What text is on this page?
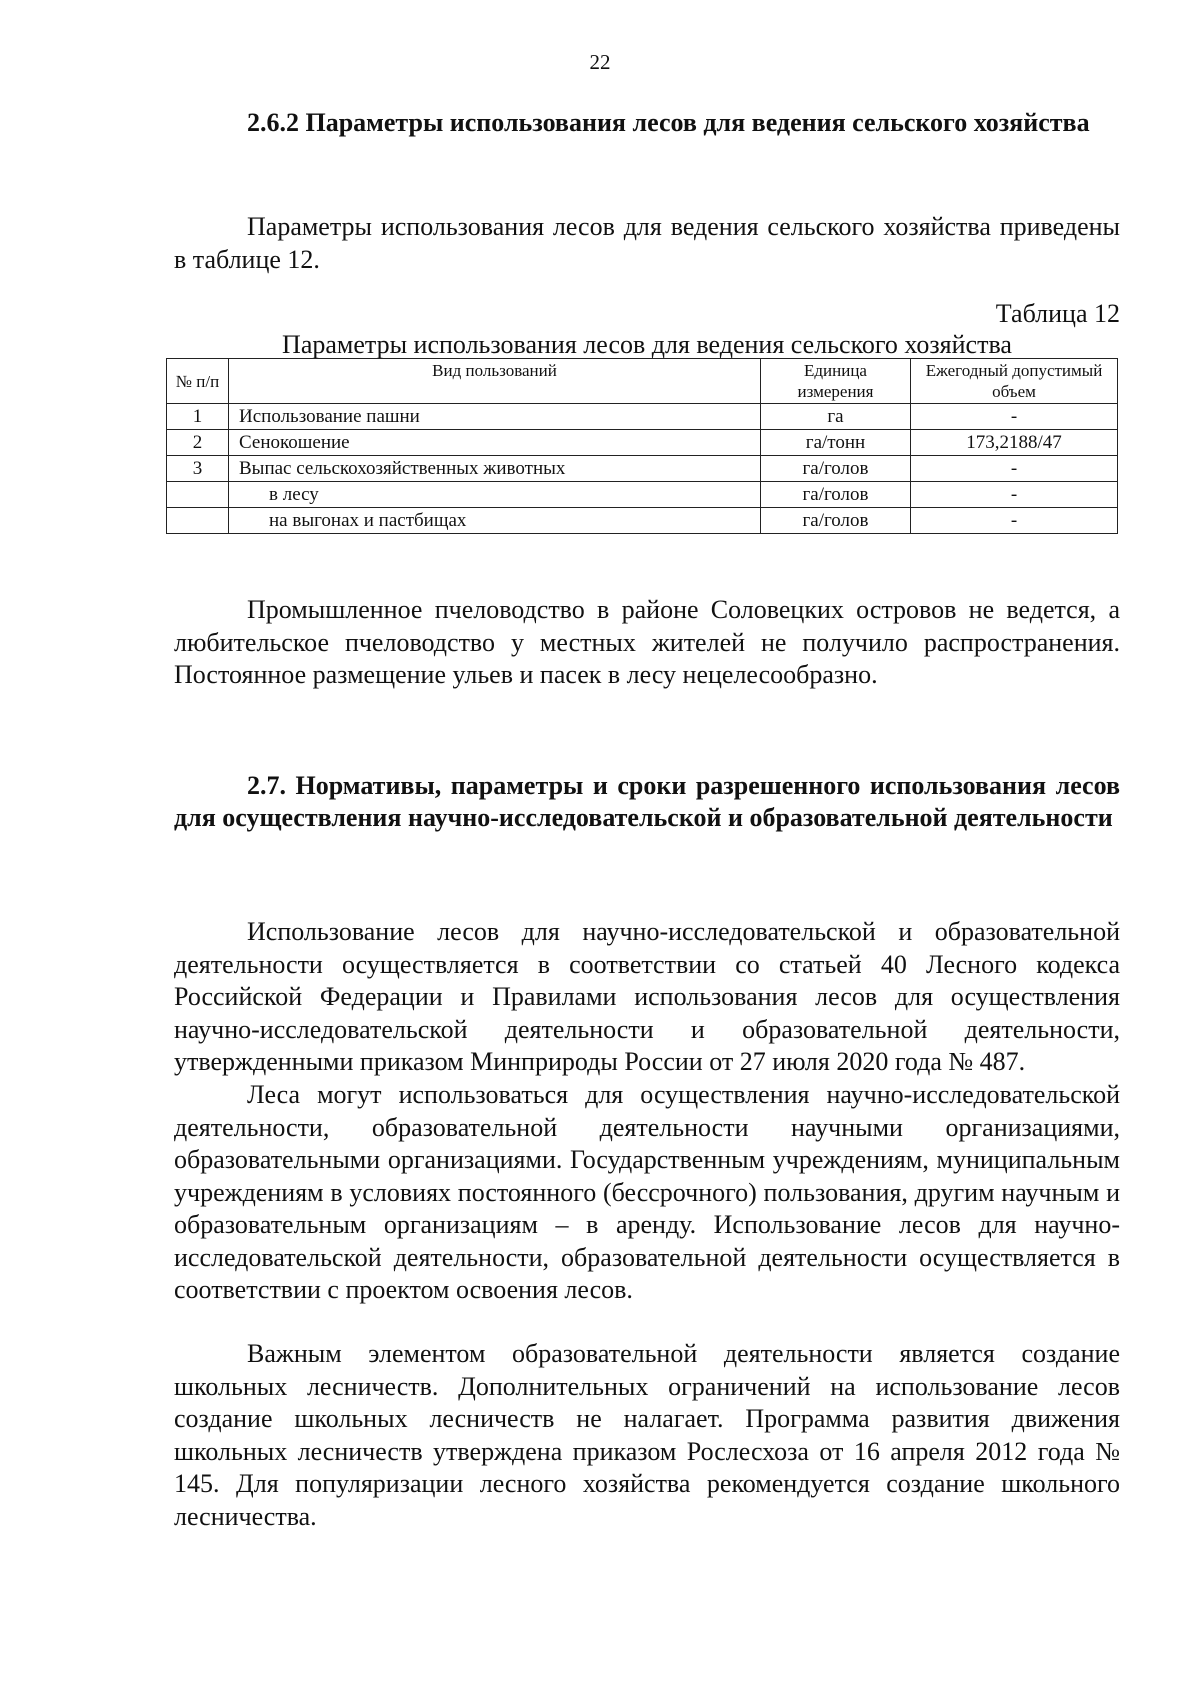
22

2.6.2 Параметры использования лесов для ведения сельского хозяйства

Параметры использования лесов для ведения сельского хозяйства приведены в таблице 12.

Таблица 12

Параметры использования лесов для ведения сельского хозяйства

№ п/п	Вид пользований	Единица измерения	Ежегодный допустимый объем
1	Использование пашни	га	-
2	Сенокошение	га/тонн	173,2188/47
3	Выпас сельскохозяйственных животных	га/голов	-
	в лесу	га/голов	-
	на выгонах и пастбищах	га/голов	-

Промышленное пчеловодство в районе Соловецких островов не ведется, а любительское пчеловодство у местных жителей не получило распространения. Постоянное размещение ульев и пасек в лесу нецелесообразно.

2.7. Нормативы, параметры и сроки разрешенного использования лесов для осуществления научно-исследовательской и образовательной деятельности

Использование лесов для научно-исследовательской и образовательной деятельности осуществляется в соответствии со статьей 40 Лесного кодекса Российской Федерации и Правилами использования лесов для осуществления научно-исследовательской деятельности и образовательной деятельности, утвержденными приказом Минприроды России от 27 июля 2020 года № 487.

Леса могут использоваться для осуществления научно-исследовательской деятельности, образовательной деятельности научными организациями, образовательными организациями. Государственным учреждениям, муниципальным учреждениям в условиях постоянного (бессрочного) пользования, другим научным и образовательным организациям – в аренду. Использование лесов для научно-исследовательской деятельности, образовательной деятельности осуществляется в соответствии с проектом освоения лесов.

Важным элементом образовательной деятельности является создание школьных лесничеств. Дополнительных ограничений на использование лесов создание школьных лесничеств не налагает. Программа развития движения школьных лесничеств утверждена приказом Рослесхоза от 16 апреля 2012 года № 145. Для популяризации лесного хозяйства рекомендуется создание школьного лесничества.
